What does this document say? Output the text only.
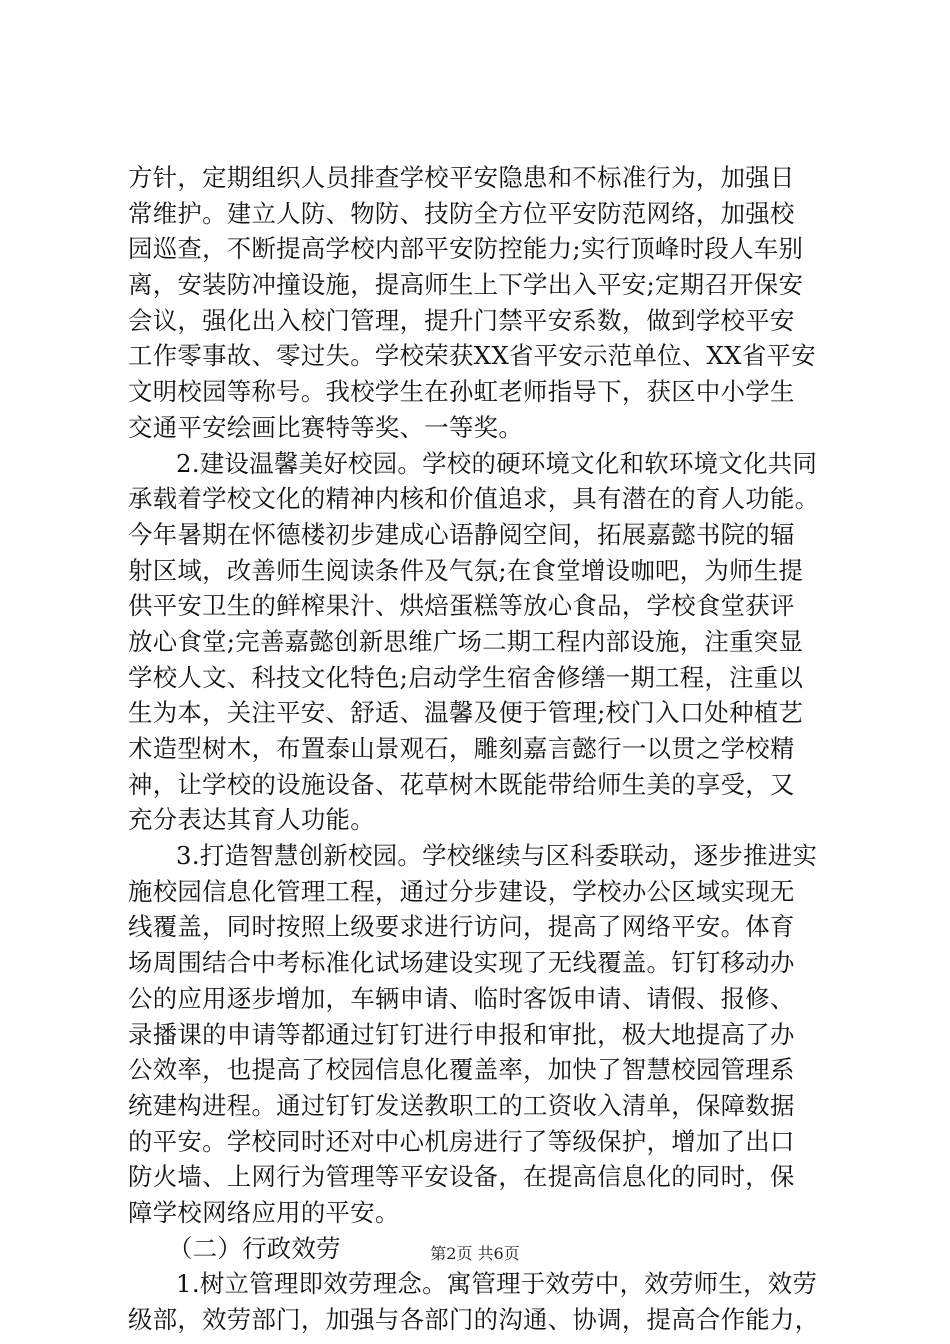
方针，定期组织人员排查学校平安隐患和不标准行为，加强日
常维护。建立人防、物防、技防全方位平安防范网络，加强校
园巡查，不断提高学校内部平安防控能力;实行顶峰时段人车别
离，安装防冲撞设施，提高师生上下学出入平安;定期召开保安
会议，强化出入校门管理，提升门禁平安系数，做到学校平安
工作零事故、零过失。学校荣获XX省平安示范单位、XX省平安
文明校园等称号。我校学生在孙虹老师指导下，获区中小学生
交通平安绘画比赛特等奖、一等奖。
2.建设温馨美好校园。学校的硬环境文化和软环境文化共同
承载着学校文化的精神内核和价值追求，具有潜在的育人功能。
今年暑期在怀德楼初步建成心语静阅空间，拓展嘉懿书院的辐
射区域，改善师生阅读条件及气氛;在食堂增设咖吧，为师生提
供平安卫生的鲜榨果汁、烘焙蛋糕等放心食品，学校食堂获评
放心食堂;完善嘉懿创新思维广场二期工程内部设施，注重突显
学校人文、科技文化特色;启动学生宿舍修缮一期工程，注重以
生为本，关注平安、舒适、温馨及便于管理;校门入口处种植艺
术造型树木，布置泰山景观石，雕刻嘉言懿行一以贯之学校精
神，让学校的设施设备、花草树木既能带给师生美的享受，又
充分表达其育人功能。
3.打造智慧创新校园。学校继续与区科委联动，逐步推进实
施校园信息化管理工程，通过分步建设，学校办公区域实现无
线覆盖，同时按照上级要求进行访问，提高了网络平安。体育
场周围结合中考标准化试场建设实现了无线覆盖。钉钉移动办
公的应用逐步增加，车辆申请、临时客饭申请、请假、报修、
录播课的申请等都通过钉钉进行申报和审批，极大地提高了办
公效率，也提高了校园信息化覆盖率，加快了智慧校园管理系
统建构进程。通过钉钉发送教职工的工资收入清单，保障数据
的平安。学校同时还对中心机房进行了等级保护，增加了出口
防火墙、上网行为管理等平安设备，在提高信息化的同时，保
障学校网络应用的平安。
（二）行政效劳
1.树立管理即效劳理念。寓管理于效劳中，效劳师生，效劳
级部，效劳部门，加强与各部门的沟通、协调，提高合作能力，
第2页 共6页
